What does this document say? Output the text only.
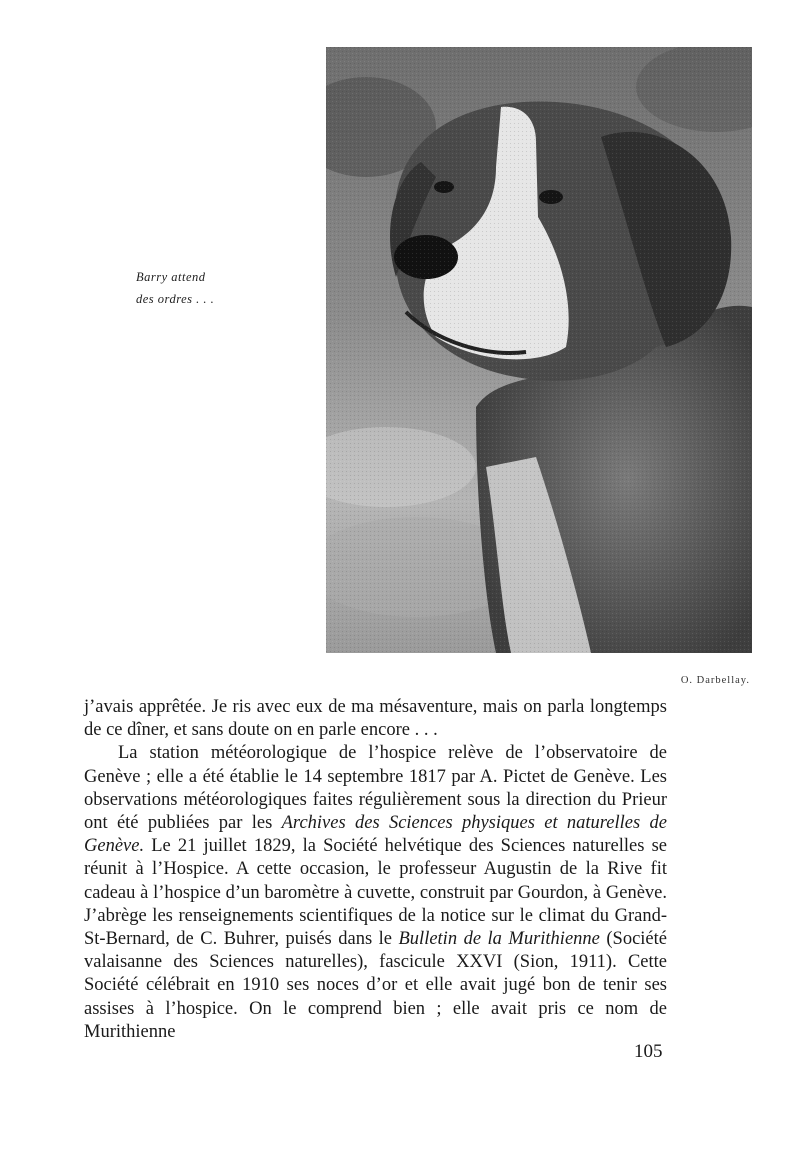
Barry attend
des ordres . . .
O. Darbellay.

j’avais apprêtée. Je ris avec eux de ma mésaventure, mais on parla longtemps de ce dîner, et sans doute on en parle encore . . .

La station météorologique de l’hospice relève de l’observatoire de Genève ; elle a été établie le 14 septembre 1817 par A. Pictet de Genève. Les observations météorologiques faites régulièrement sous la direction du Prieur ont été publiées par les Archives des Sciences physiques et naturelles de Genève. Le 21 juillet 1829, la Société helvétique des Sciences naturelles se réunit à l’Hospice. A cette occasion, le professeur Augustin de la Rive fit cadeau à l’hospice d’un baromètre à cuvette, construit par Gourdon, à Genève. J’abrège les renseignements scientifiques de la notice sur le climat du Grand-St-Bernard, de C. Buhrer, puisés dans le Bulletin de la Murithienne (Société valaisanne des Sciences naturelles), fascicule XXVI (Sion, 1911). Cette Société célébrait en 1910 ses noces d’or et elle avait jugé bon de tenir ses assises à l’hospice. On le comprend bien ; elle avait pris ce nom de Murithienne

105
